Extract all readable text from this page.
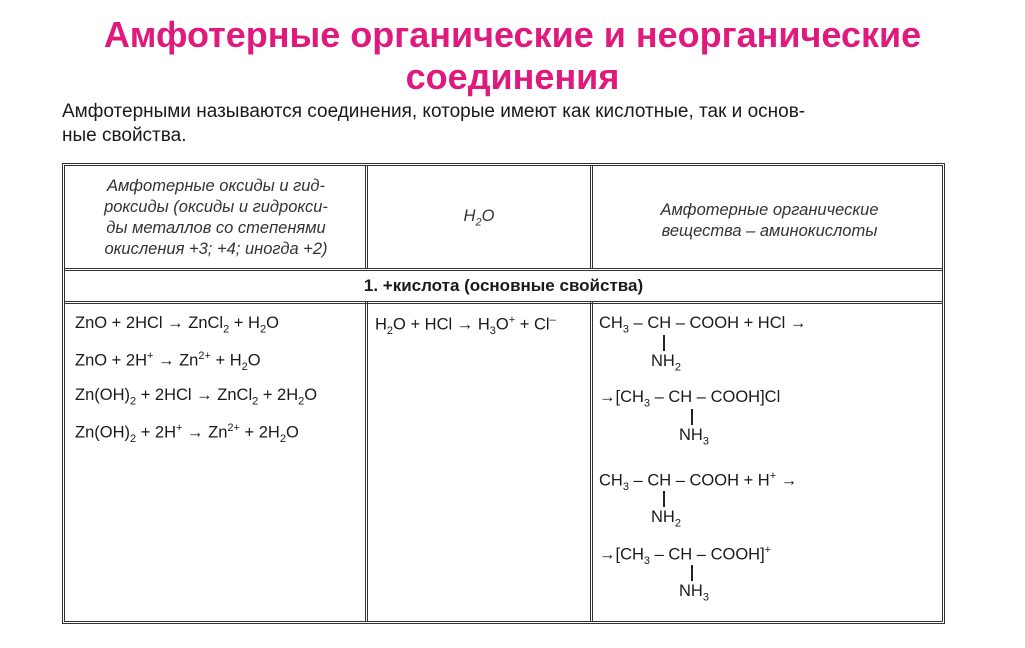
Амфотерные органические и неорганические
соединения
Амфотерными называются соединения, которые имеют как кислотные, так и основ-
ные свойства.
Амфотерные оксиды и гид-
роксиды (оксиды и гидрокси-
ды металлов со степенями
окисления +3; +4; иногда +2)
$H_2O$	Амфотерные органические
вещества – аминокислоты
1. +кислота (основные свойства)
ZnO + 2HCl → ZnCl$_2$ + $H_2O$
ZnO + $2H^+ \to Zn^{2+} + H_2O$
$Zn(OH)_2 + 2HCl$ → ZnCl$_2$ + $2H_2O$
$Zn(OH)_2 + 2H^+ \to Zn^{2+} + 2H_2O$
$H_2O$ + HCl → $H_3O^+ + Cl^-$	$CH_3$ – CH – COOH + HCl →
$NH_2$
$\to[CH_3$ – CH – COOH]Cl
$NH_3$
$CH_3$ – CH – COOH + H+ →
$NH_2$
$\to[CH_3$ – CH – COOH]+
$NH_3$
